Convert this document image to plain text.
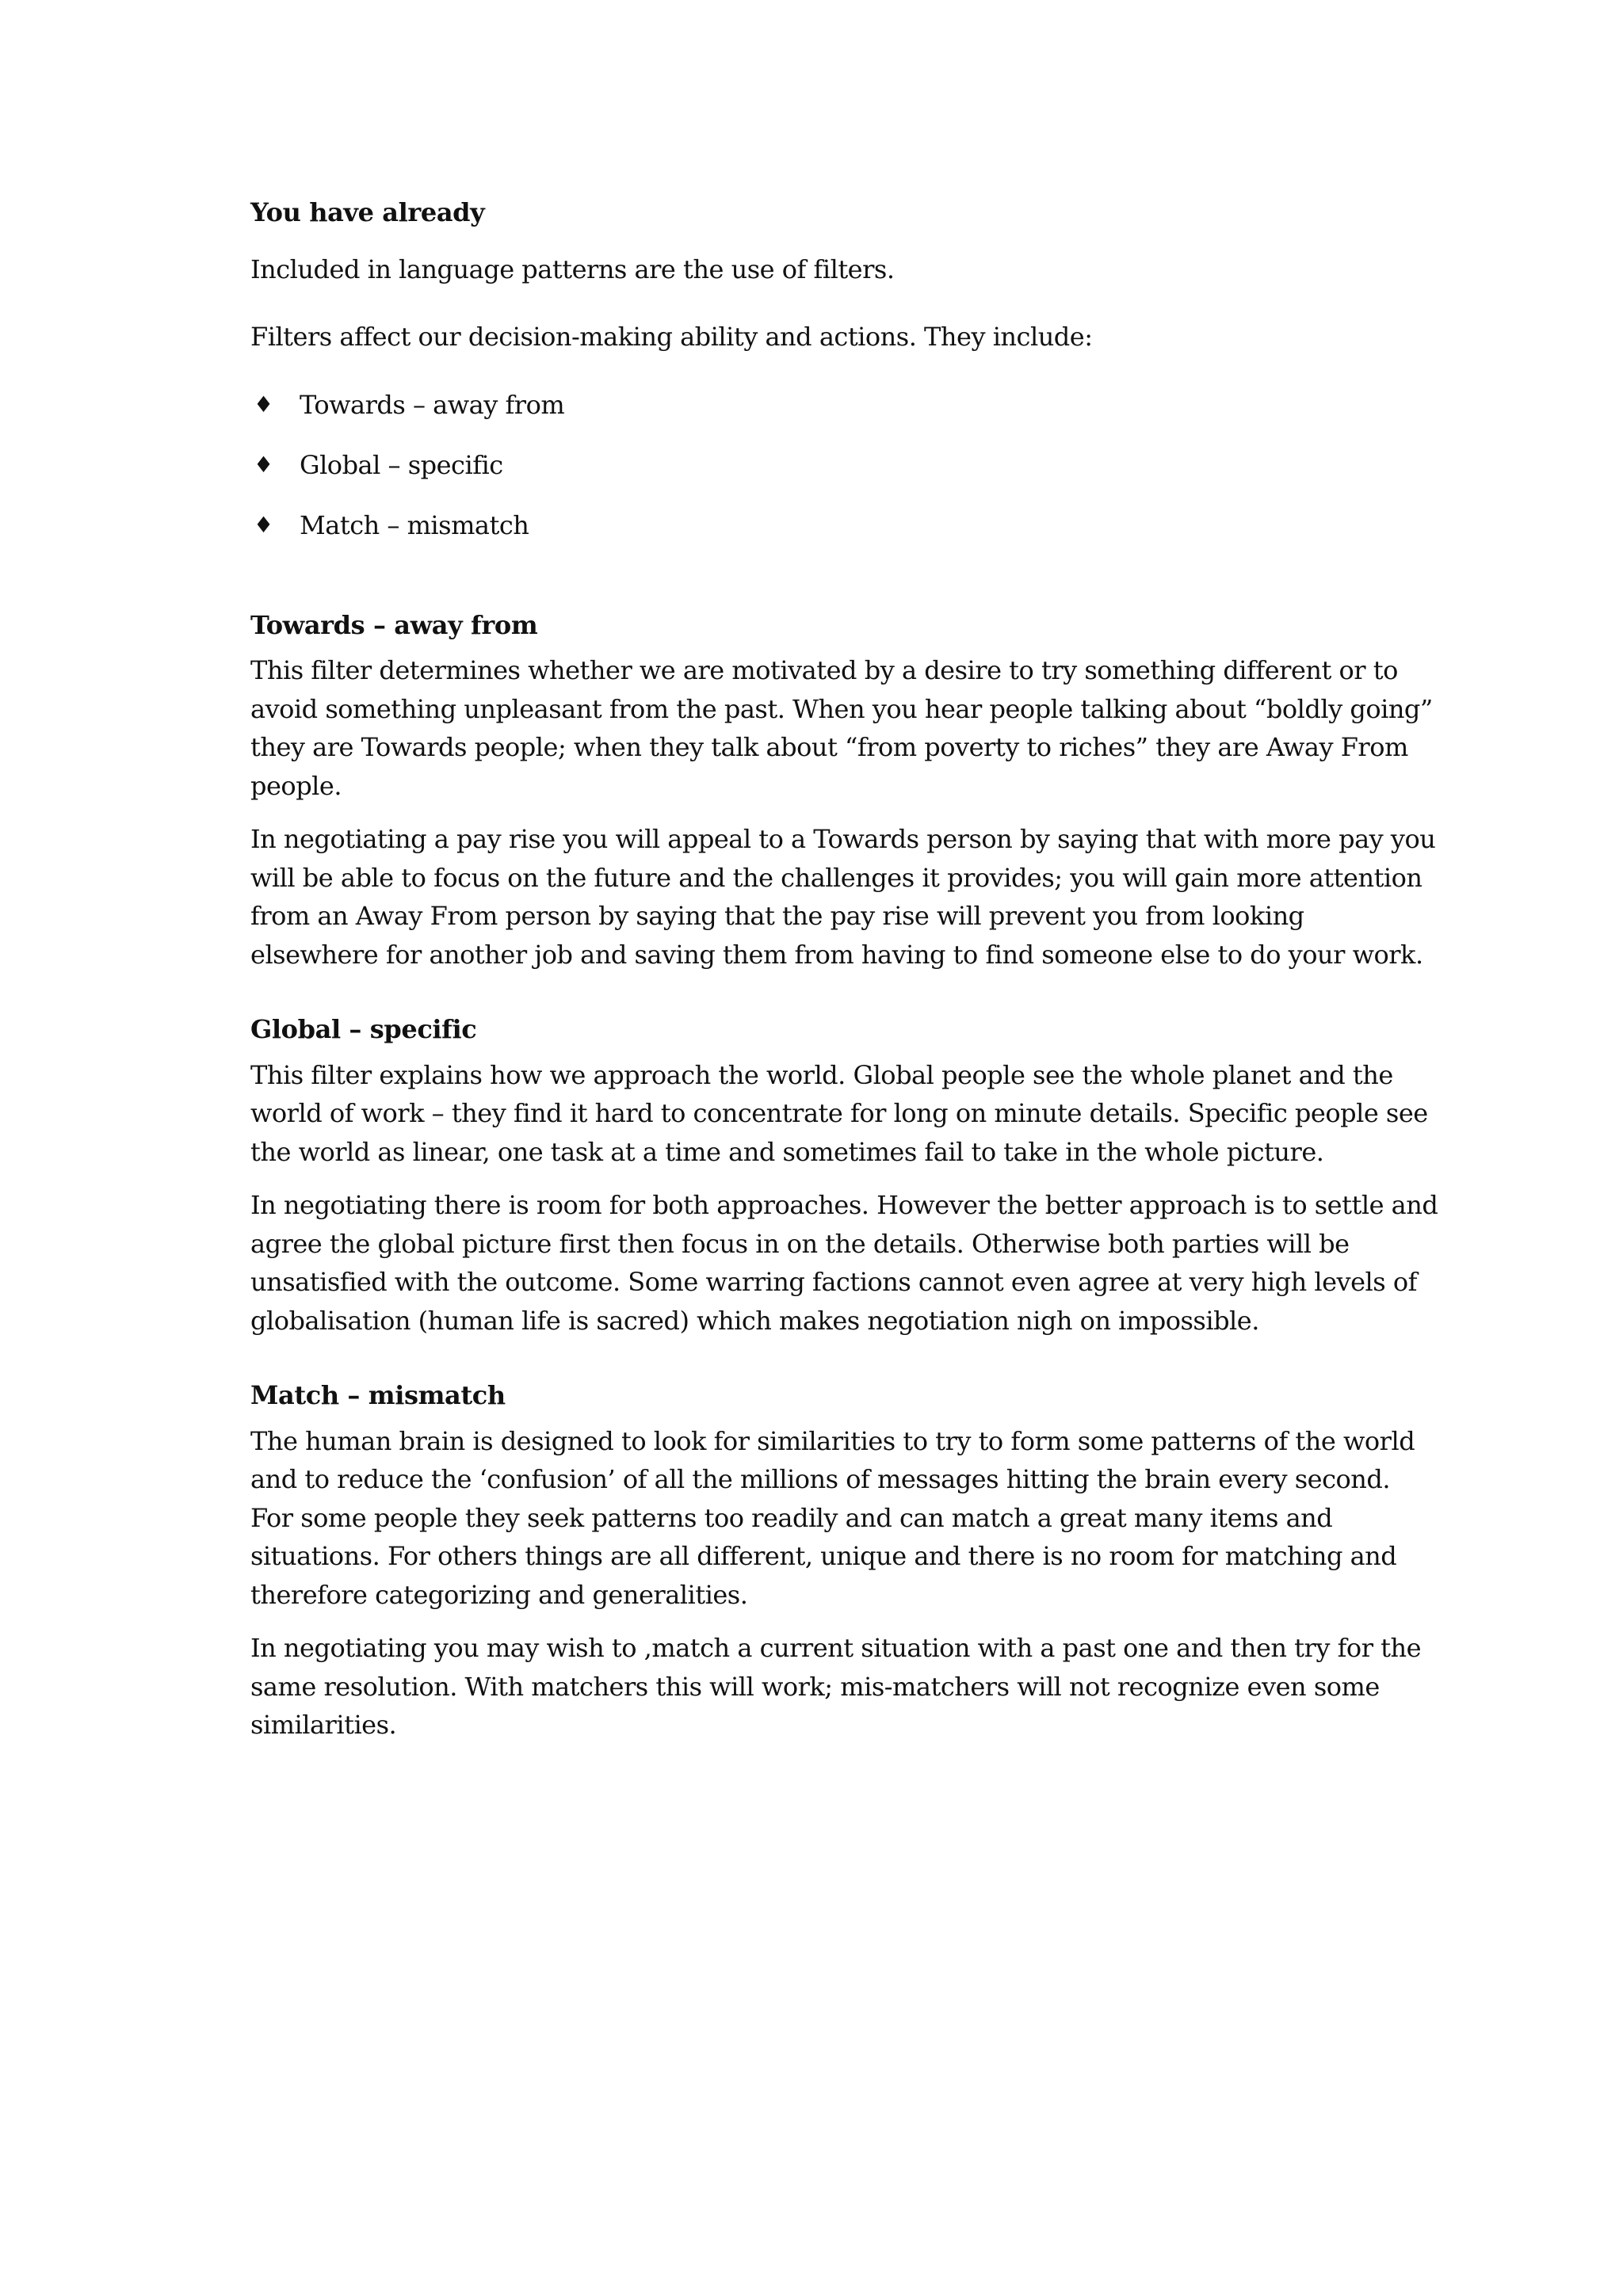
You have already

Included in language patterns are the use of filters.

Filters affect our decision-making ability and actions. They include:

♦	Towards – away from
♦	Global – specific
♦	Match – mismatch
Towards – away from

This filter determines whether we are motivated by a desire to try something different or to avoid something unpleasant from the past. When you hear people talking about “boldly going” they are Towards people; when they talk about “from poverty to riches” they are Away From people.

In negotiating a pay rise you will appeal to a Towards person by saying that with more pay you will be able to focus on the future and the challenges it provides; you will gain more attention from an Away From person by saying that the pay rise will prevent you from looking elsewhere for another job and saving them from having to find someone else to do your work.

Global – specific

This filter explains how we approach the world. Global people see the whole planet and the world of work – they find it hard to concentrate for long on minute details. Specific people see the world as linear, one task at a time and sometimes fail to take in the whole picture.

In negotiating there is room for both approaches. However the better approach is to settle and agree the global picture first then focus in on the details. Otherwise both parties will be unsatisfied with the outcome. Some warring factions cannot even agree at very high levels of globalisation (human life is sacred) which makes negotiation nigh on impossible.

Match – mismatch

The human brain is designed to look for similarities to try to form some patterns of the world and to reduce the ‘confusion’ of all the millions of messages hitting the brain every second. For some people they seek patterns too readily and can match a great many items and situations. For others things are all different, unique and there is no room for matching and therefore categorizing and generalities.

In negotiating you may wish to ,match a current situation with a past one and then try for the same resolution. With matchers this will work; mis-matchers will not recognize even some similarities.
